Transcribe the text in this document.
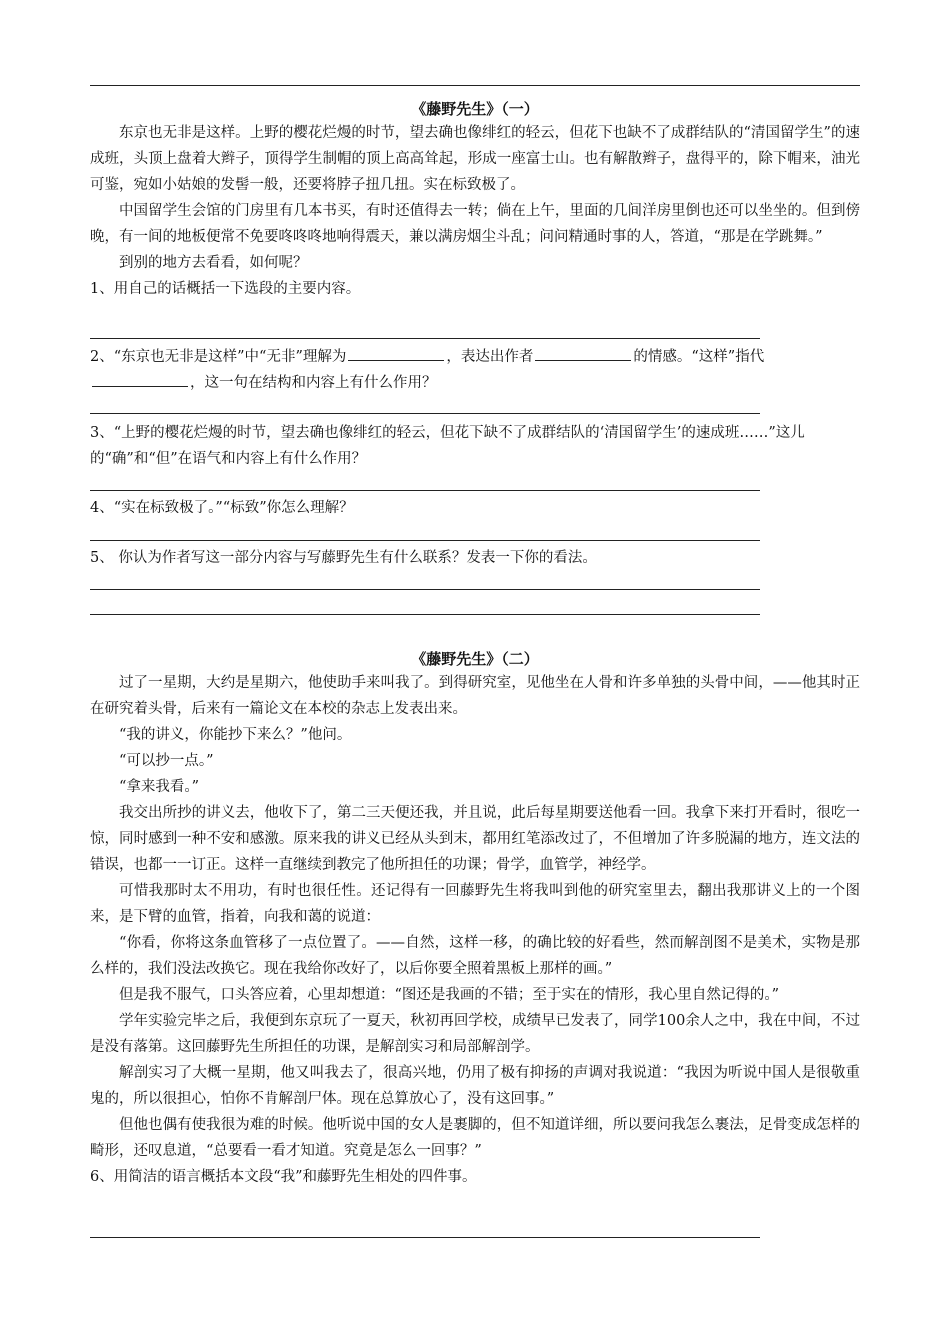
《藤野先生》（一）

东京也无非是这样。上野的樱花烂熳的时节，望去确也像绯红的轻云，但花下也缺不了成群结队的“清国留学生”的速成班，头顶上盘着大辫子，顶得学生制帽的顶上高高耸起，形成一座富士山。也有解散辫子，盘得平的，除下帽来，油光可鉴，宛如小姑娘的发髻一般，还要将脖子扭几扭。实在标致极了。

中国留学生会馆的门房里有几本书买，有时还值得去一转；倘在上午，里面的几间洋房里倒也还可以坐坐的。但到傍晚，有一间的地板便常不免要咚咚咚地响得震天，兼以满房烟尘斗乱；问问精通时事的人，答道，“那是在学跳舞。”

到别的地方去看看，如何呢？

1、用自己的话概括一下选段的主要内容。

2、“东京也无非是这样”中“无非”理解为	，表达出作者	的情感。“这样”指代，这一句在结构和内容上有什么作用？

3、“上野的樱花烂熳的时节，望去确也像绯红的轻云，但花下缺不了成群结队的‘清国留学生’的速成班……”这儿的“确”和“但”在语气和内容上有什么作用？

4、“实在标致极了。”“标致”你怎么理解？

5、 你认为作者写这一部分内容与写藤野先生有什么联系？发表一下你的看法。

《藤野先生》（二）

过了一星期，大约是星期六，他使助手来叫我了。到得研究室，见他坐在人骨和许多单独的头骨中间，——他其时正在研究着头骨，后来有一篇论文在本校的杂志上发表出来。

“我的讲义，你能抄下来么？”他问。

“可以抄一点。”

“拿来我看。”

我交出所抄的讲义去，他收下了，第二三天便还我，并且说，此后每星期要送他看一回。我拿下来打开看时，很吃一惊，同时感到一种不安和感激。原来我的讲义已经从头到末，都用红笔添改过了，不但增加了许多脱漏的地方，连文法的错误，也都一一订正。这样一直继续到教完了他所担任的功课；骨学，血管学，神经学。

可惜我那时太不用功，有时也很任性。还记得有一回藤野先生将我叫到他的研究室里去，翻出我那讲义上的一个图来，是下臂的血管，指着，向我和蔼的说道：

“你看，你将这条血管移了一点位置了。——自然，这样一移，的确比较的好看些，然而解剖图不是美术，实物是那么样的，我们没法改换它。现在我给你改好了，以后你要全照着黑板上那样的画。”

但是我不服气，口头答应着，心里却想道：“图还是我画的不错；至于实在的情形，我心里自然记得的。”

学年实验完毕之后，我便到东京玩了一夏天，秋初再回学校，成绩早已发表了，同学100余人之中，我在中间，不过是没有落第。这回藤野先生所担任的功课，是解剖实习和局部解剖学。

解剖实习了大概一星期，他又叫我去了，很高兴地，仍用了极有抑扬的声调对我说道：“我因为听说中国人是很敬重鬼的，所以很担心，怕你不肯解剖尸体。现在总算放心了，没有这回事。”

但他也偶有使我很为难的时候。他听说中国的女人是裹脚的，但不知道详细，所以要问我怎么裹法，足骨变成怎样的畸形，还叹息道，“总要看一看才知道。究竟是怎么一回事？”

6、用简洁的语言概括本文段“我”和藤野先生相处的四件事。
